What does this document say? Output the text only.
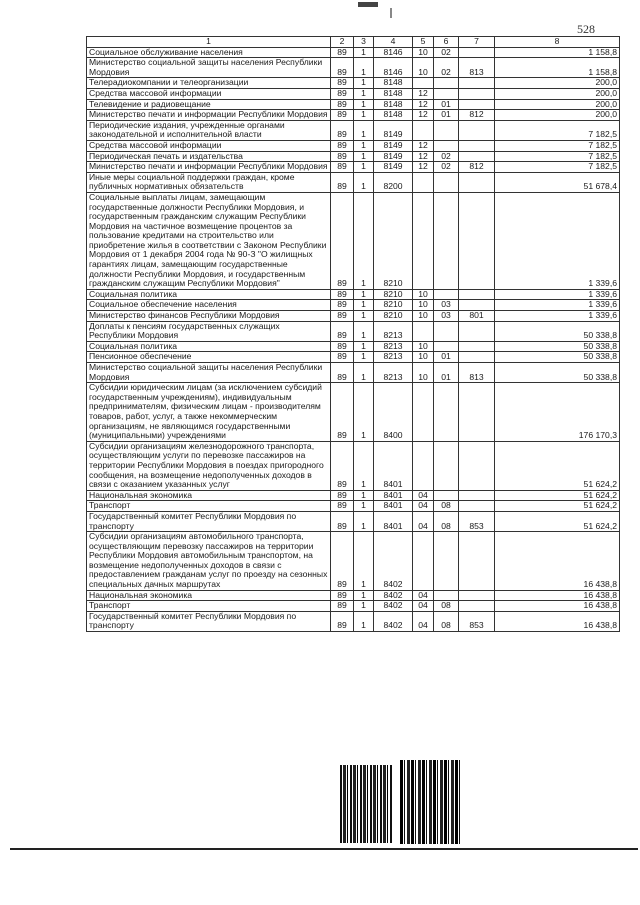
528
1	2	3	4	5	6	7	8
Социальное обслуживание населения	89	1	8146	10	02		1 158,8
Министерство социальной защиты населения Республики Мордовия	89	1	8146	10	02	813	1 158,8
Телерадиокомпании и телеорганизации	89	1	8148				200,0
Средства массовой информации	89	1	8148	12			200,0
Телевидение и радиовещание	89	1	8148	12	01		200,0
Министерство печати и информации Республики Мордовия	89	1	8148	12	01	812	200,0
Периодические издания, учрежденные органами законодательной и исполнительной власти	89	1	8149				7 182,5
Средства массовой информации	89	1	8149	12			7 182,5
Периодическая печать и издательства	89	1	8149	12	02		7 182,5
Министерство печати и информации Республики Мордовия	89	1	8149	12	02	812	7 182,5
Иные меры социальной поддержки граждан, кроме публичных нормативных обязательств	89	1	8200				51 678,4
Социальные выплаты лицам, замещающим государственные должности Республики Мордовия, и государственным гражданским служащим Республики Мордовия на частичное возмещение процентов за пользование кредитами на строительство или приобретение жилья в соответствии с Законом Республики Мордовия от 1 декабря 2004 года № 90-З "О жилищных гарантиях лицам, замещающим государственные должности Республики Мордовия, и государственным гражданским служащим Республики Мордовия"	89	1	8210				1 339,6
Социальная политика	89	1	8210	10			1 339,6
Социальное обеспечение населения	89	1	8210	10	03		1 339,6
Министерство финансов Республики Мордовия	89	1	8210	10	03	801	1 339,6
Доплаты к пенсиям государственных служащих Республики Мордовия	89	1	8213				50 338,8
Социальная политика	89	1	8213	10			50 338,8
Пенсионное обеспечение	89	1	8213	10	01		50 338,8
Министерство социальной защиты населения Республики Мордовия	89	1	8213	10	01	813	50 338,8
Субсидии юридическим лицам (за исключением субсидий государственным учреждениям), индивидуальным предпринимателям, физическим лицам - производителям товаров, работ, услуг, а также некоммерческим организациям, не являющимся государственными (муниципальными) учреждениями	89	1	8400				176 170,3
Субсидии организациям железнодорожного транспорта, осуществляющим услуги по перевозке пассажиров на территории Республики Мордовия в поездах пригородного сообщения, на возмещение недополученных доходов в связи с оказанием указанных услуг	89	1	8401				51 624,2
Национальная экономика	89	1	8401	04			51 624,2
Транспорт	89	1	8401	04	08		51 624,2
Государственный комитет Республики Мордовия по транспорту	89	1	8401	04	08	853	51 624,2
Субсидии организациям автомобильного транспорта, осуществляющим перевозку пассажиров на территории Республики Мордовия автомобильным транспортом, на возмещение недополученных доходов в связи с предоставлением гражданам услуг по проезду на сезонных специальных дачных маршрутах	89	1	8402				16 438,8
Национальная экономика	89	1	8402	04			16 438,8
Транспорт	89	1	8402	04	08		16 438,8
Государственный комитет Республики Мордовия по транспорту	89	1	8402	04	08	853	16 438,8
